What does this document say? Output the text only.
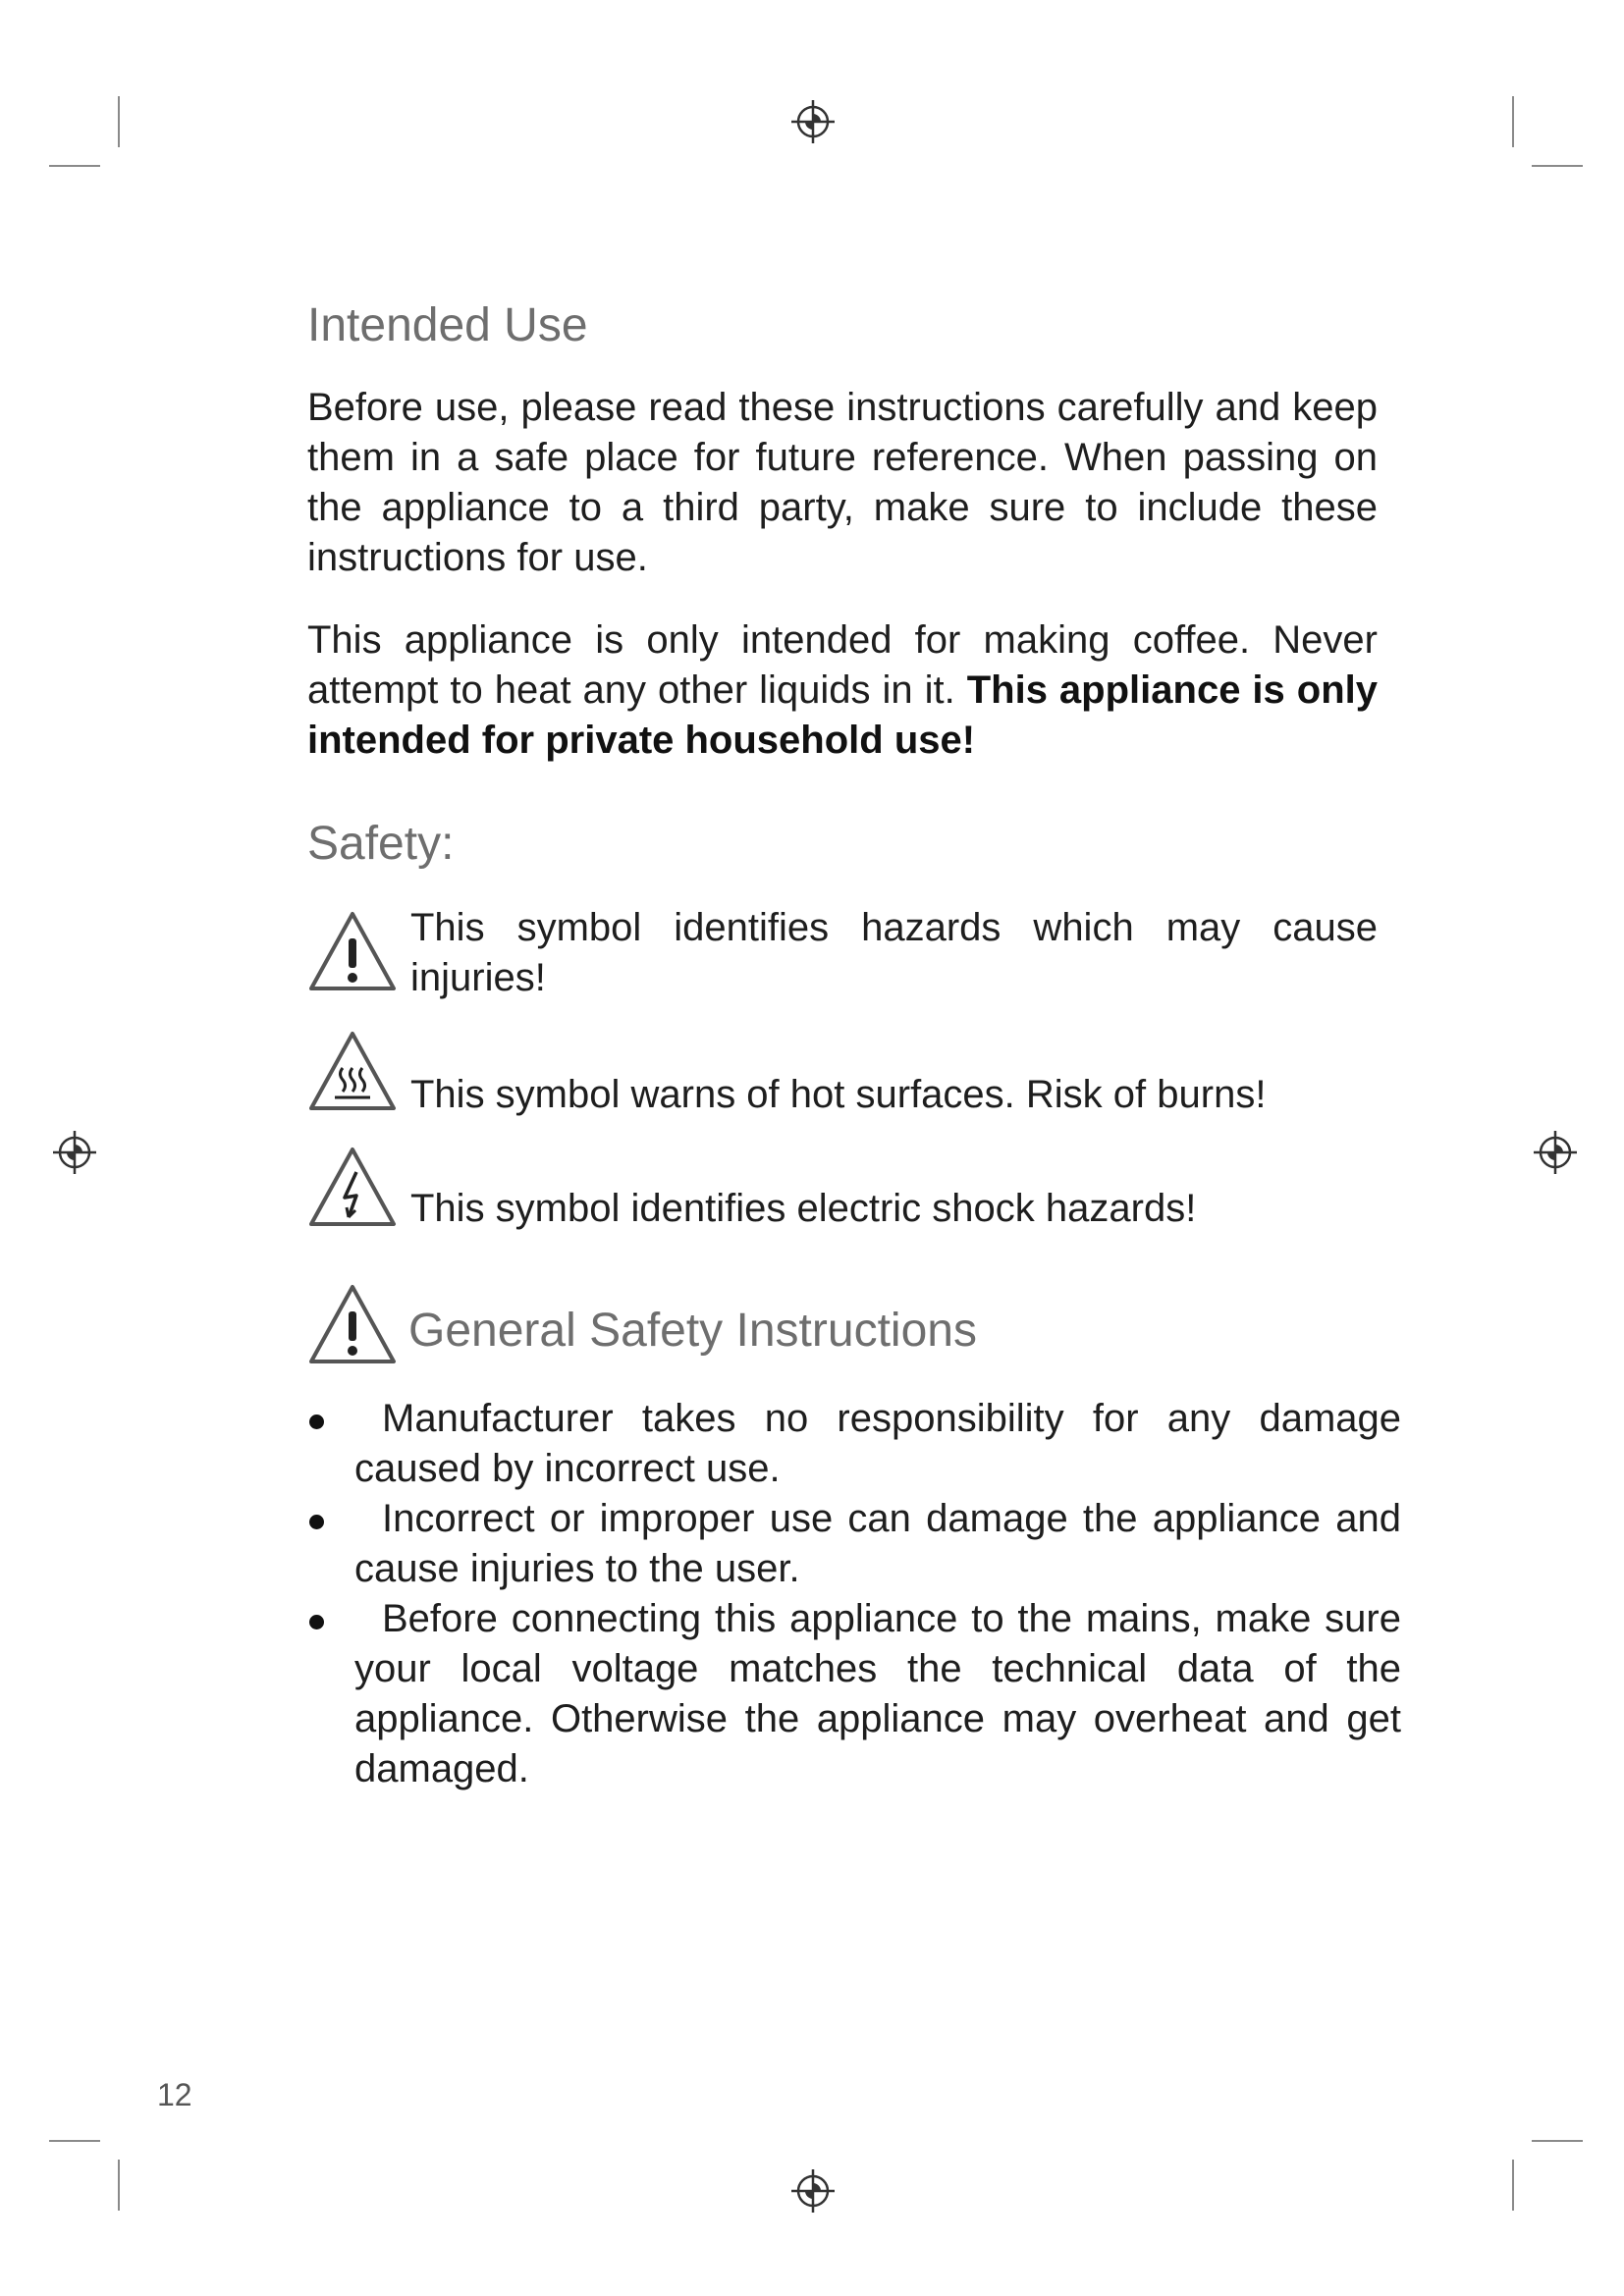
Intended Use

Before use, please read these instructions carefully and keep them in a safe place for future reference. When passing on the appliance to a third party, make sure to include these instructions for use.

This appliance is only intended for making coffee. Never attempt to heat any other liquids in it. This appliance is only intended for private household use!

Safety:

This symbol identifies hazards which may cause injuries!

This symbol warns of hot surfaces. Risk of burns!

This symbol identifies electric shock hazards!

General Safety Instructions
Manufacturer takes no responsibility for any damage caused by incorrect use.
Incorrect or improper use can damage the appliance and cause injuries to the user.
Before connecting this appliance to the mains, make sure your local voltage matches the technical data of the appliance. Otherwise the appliance may overheat and get damaged.

12
